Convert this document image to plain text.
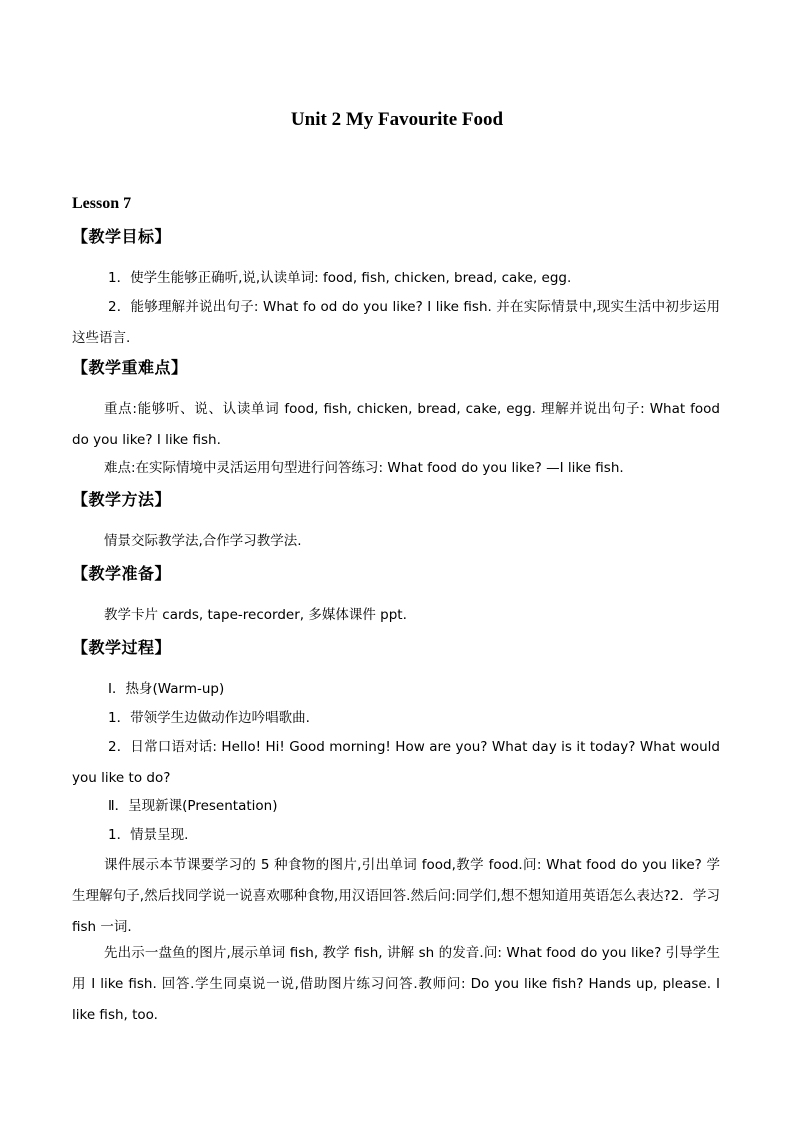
Unit 2 My Favourite Food
Lesson 7
【教学目标】
1．使学生能够正确听,说,认读单词: food, fish, chicken, bread, cake, egg.
2．能够理解并说出句子: What fo od do you like? I like fish. 并在实际情景中,现实生活中初步运用这些语言.
【教学重难点】
重点:能够听、说、认读单词 food, fish, chicken, bread, cake, egg. 理解并说出句子: What food do you like? I like fish.
难点:在实际情境中灵活运用句型进行问答练习: What food do you like? —I like fish.
【教学方法】
情景交际教学法,合作学习教学法.
【教学准备】
教学卡片 cards, tape-recorder, 多媒体课件 ppt.
【教学过程】
Ⅰ．热身(Warm-up)
1．带领学生边做动作边吟唱歌曲.
2．日常口语对话: Hello! Hi! Good morning! How are you? What day is it today? What would you like to do?
Ⅱ．呈现新课(Presentation)
1．情景呈现.
课件展示本节课要学习的 5 种食物的图片,引出单词 food,教学 food.问: What food do you like? 学生理解句子,然后找同学说一说喜欢哪种食物,用汉语回答.然后问:同学们,想不想知道用英语怎么表达?2．学习 fish 一词.
先出示一盘鱼的图片,展示单词 fish, 教学 fish, 讲解 sh 的发音.问: What food do you like? 引导学生用 I like fish. 回答.学生同桌说一说,借助图片练习问答.教师问: Do you like fish? Hands up, please. I like fish, too.
